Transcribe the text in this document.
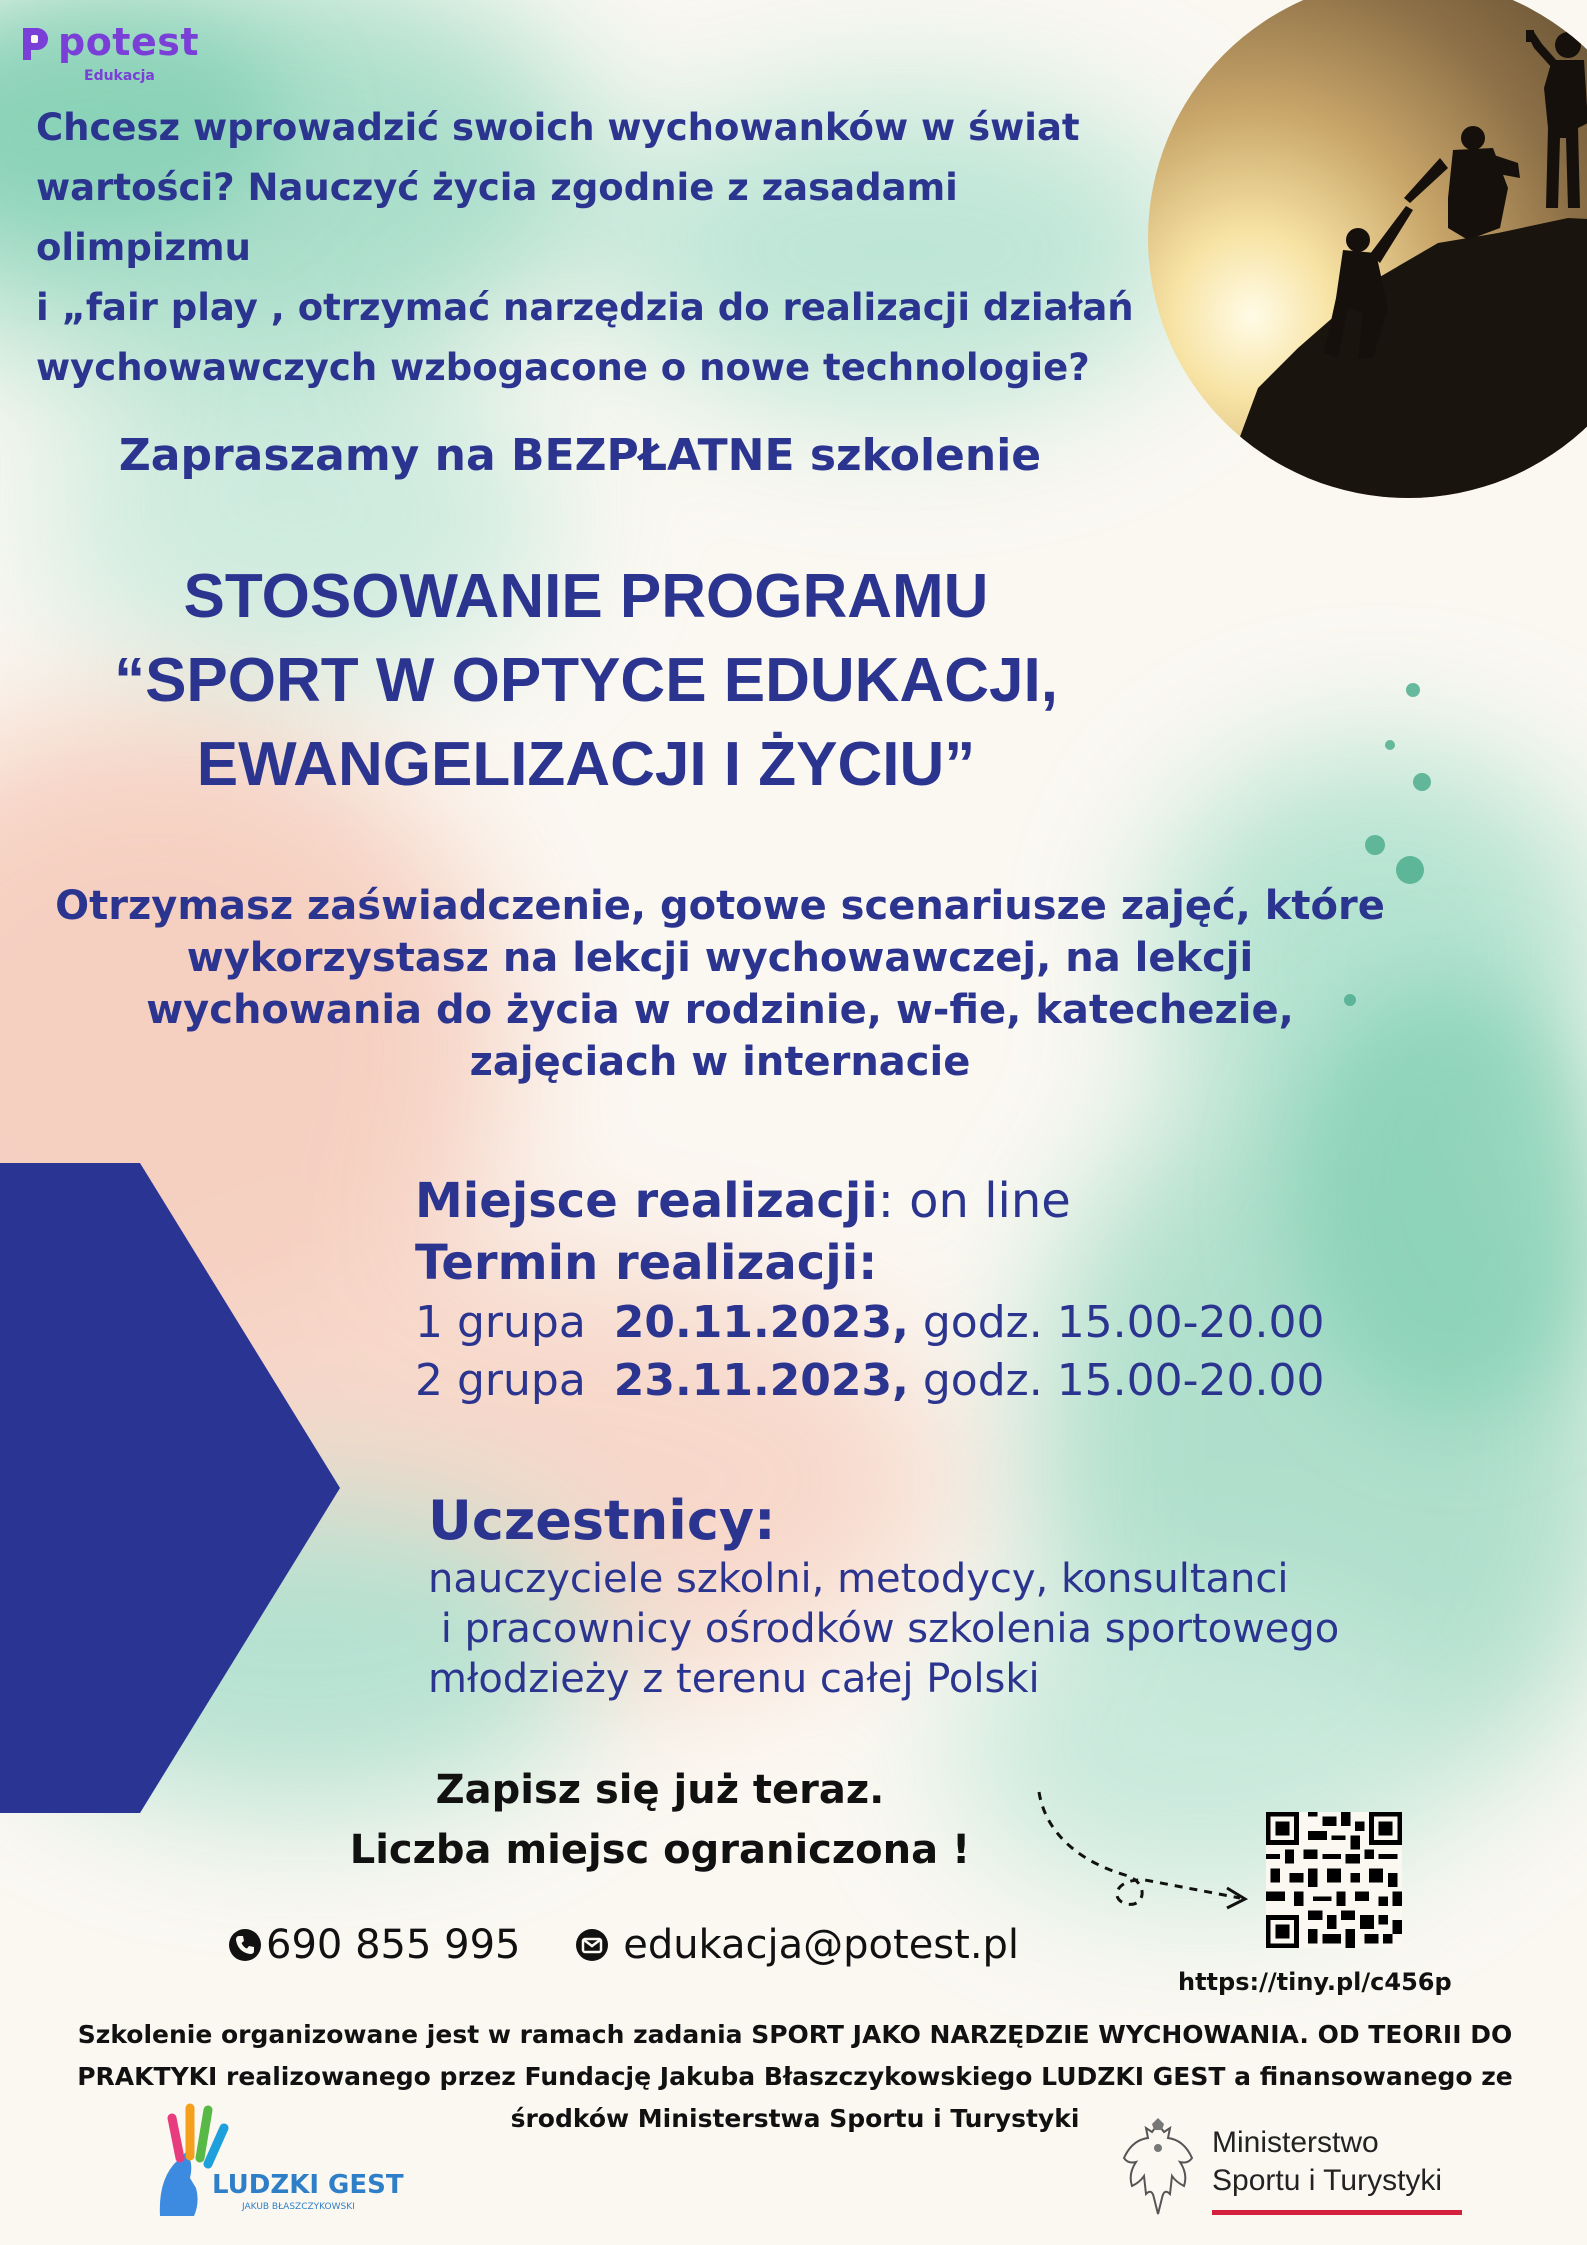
potest
Edukacja

Chcesz wprowadzić swoich wychowanków w świat
wartości? Nauczyć życia zgodnie z zasadami olimpizmu
i „fair play , otrzymać narzędzia do realizacji działań
wychowawczych wzbogacone o nowe technologie?

Zapraszamy na BEZPŁATNE szkolenie

STOSOWANIE PROGRAMU
“SPORT W OPTYCE EDUKACJI,
EWANGELIZACJI I ŻYCIU”

Otrzymasz zaświadczenie, gotowe scenariusze zajęć, które
wykorzystasz na lekcji wychowawczej, na lekcji
wychowania do życia w rodzinie, w-fie, katechezie,
zajęciach w internacie

Miejsce realizacji: on line
Termin realizacji:
1 grupa 20.11.2023, godz. 15.00-20.00
2 grupa 23.11.2023, godz. 15.00-20.00
Uczestnicy:
nauczyciele szkolni, metodycy, konsultanci
i pracownicy ośrodków szkolenia sportowego
młodzieży z terenu całej Polski
Zapisz się już teraz.
Liczba miejsc ograniczona !
690 855 995
	edukacja@potest.pl
https://tiny.pl/c456p

Szkolenie organizowane jest w ramach zadania SPORT JAKO NARZĘDZIE WYCHOWANIA. OD TEORII DO
PRAKTYKI realizowanego przez Fundację Jakuba Błaszczykowskiego LUDZKI GEST a finansowanego ze
środków Ministerstwa Sportu i Turystyki

LUDZKI GEST
JAKUB BŁASZCZYKOWSKI
Ministerstwo
Sportu i Turystyki
